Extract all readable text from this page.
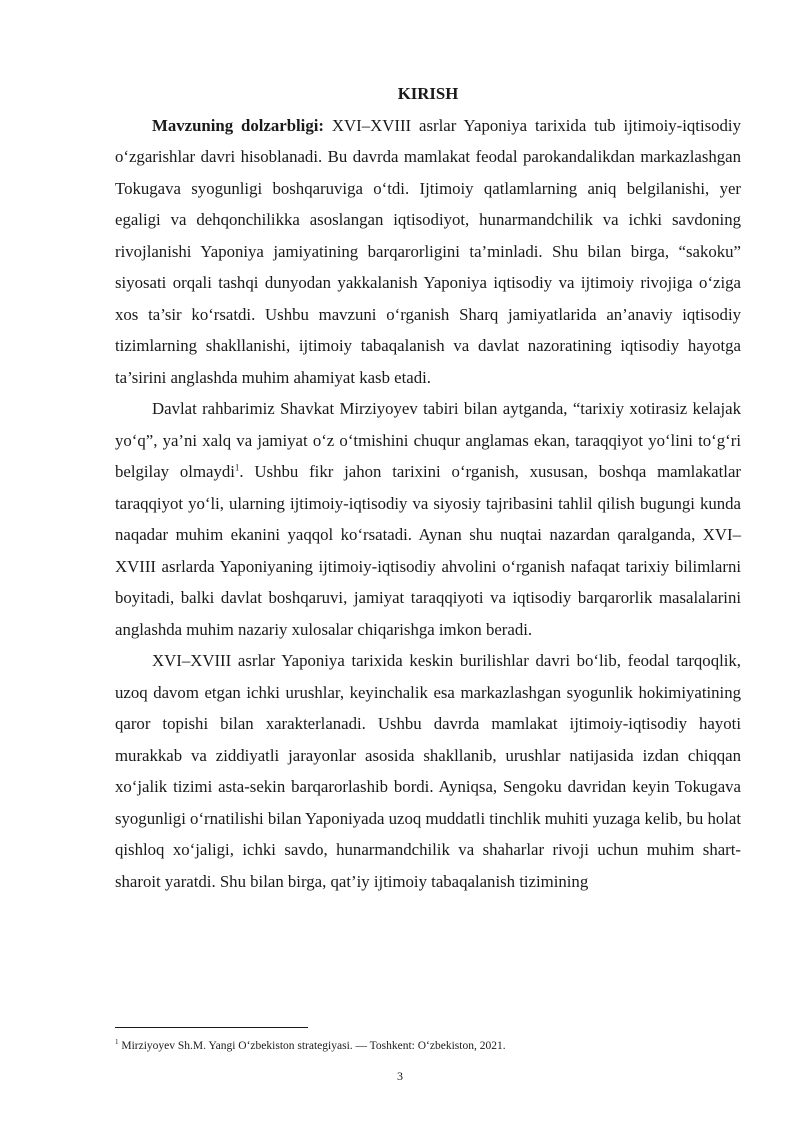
KIRISH

Mavzuning dolzarbligi: XVI–XVIII asrlar Yaponiya tarixida tub ijtimoiy-iqtisodiy o‘zgarishlar davri hisoblanadi. Bu davrda mamlakat feodal parokandalikdan markazlashgan Tokugava syogunligi boshqaruviga o‘tdi. Ijtimoiy qatlamlarning aniq belgilanishi, yer egaligi va dehqonchilikka asoslangan iqtisodiyot, hunarmandchilik va ichki savdoning rivojlanishi Yaponiya jamiyatining barqarorligini ta’minladi. Shu bilan birga, “sakoku” siyosati orqali tashqi dunyodan yakkalanish Yaponiya iqtisodiy va ijtimoiy rivojiga o‘ziga xos ta’sir ko‘rsatdi. Ushbu mavzuni o‘rganish Sharq jamiyatlarida an’anaviy iqtisodiy tizimlarning shakllanishi, ijtimoiy tabaqalanish va davlat nazoratining iqtisodiy hayotga ta’sirini anglashda muhim ahamiyat kasb etadi.

Davlat rahbarimiz Shavkat Mirziyoyev tabiri bilan aytganda, “tarixiy xotirasiz kelajak yo‘q”, ya’ni xalq va jamiyat o‘z o‘tmishini chuqur anglamas ekan, taraqqiyot yo‘lini to‘g‘ri belgilay olmaydi$^1$. Ushbu fikr jahon tarixini o‘rganish, xususan, boshqa mamlakatlar taraqqiyot yo‘li, ularning ijtimoiy-iqtisodiy va siyosiy tajribasini tahlil qilish bugungi kunda naqadar muhim ekanini yaqqol ko‘rsatadi. Aynan shu nuqtai nazardan qaralganda, XVI–XVIII asrlarda Yaponiyaning ijtimoiy-iqtisodiy ahvolini o‘rganish nafaqat tarixiy bilimlarni boyitadi, balki davlat boshqaruvi, jamiyat taraqqiyoti va iqtisodiy barqarorlik masalalarini anglashda muhim nazariy xulosalar chiqarishga imkon beradi.

XVI–XVIII asrlar Yaponiya tarixida keskin burilishlar davri bo‘lib, feodal tarqoqlik, uzoq davom etgan ichki urushlar, keyinchalik esa markazlashgan syogunlik hokimiyatining qaror topishi bilan xarakterlanadi. Ushbu davrda mamlakat ijtimoiy-iqtisodiy hayoti murakkab va ziddiyatli jarayonlar asosida shakllanib, urushlar natijasida izdan chiqqan xo‘jalik tizimi asta-sekin barqarorlashib bordi. Ayniqsa, Sengoku davridan keyin Tokugava syogunligi o‘rnatilishi bilan Yaponiyada uzoq muddatli tinchlik muhiti yuzaga kelib, bu holat qishloq xo‘jaligi, ichki savdo, hunarmandchilik va shaharlar rivoji uchun muhim shart-sharoit yaratdi. Shu bilan birga, qat’iy ijtimoiy tabaqalanish tizimining

$^1$ Mirziyoyev Sh.M. Yangi O‘zbekiston strategiyasi. — Toshkent: O‘zbekiston, 2021.
3
